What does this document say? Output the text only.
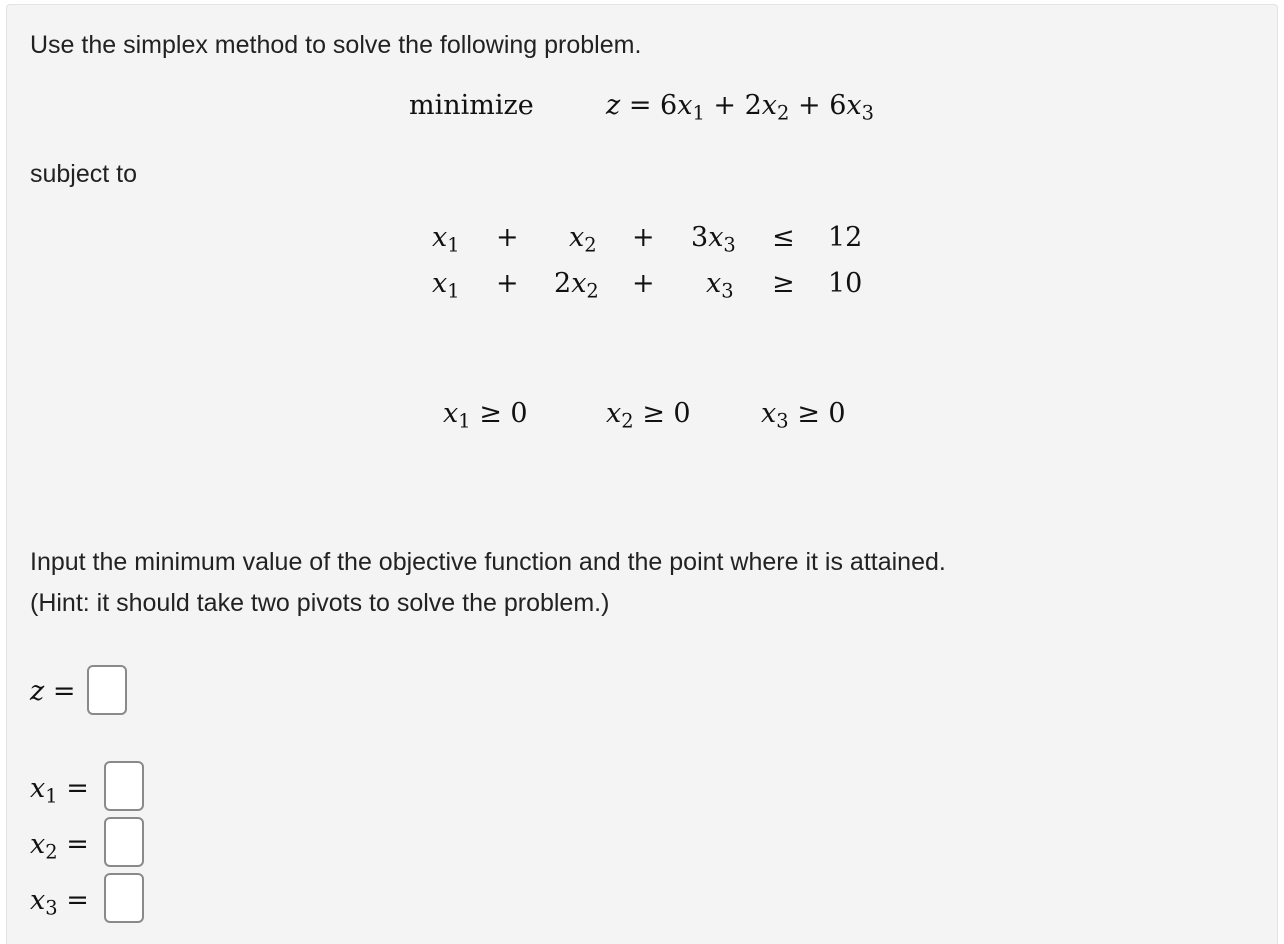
Use the simplex method to solve the following problem.
minimize	$z = 6x_1 + 2x_2 + 6x_3$
subject to
$x_1 + x_2 + 3x_3 \le 12$
$x_1 + 2x_2 + x_3 \ge 10$
$x_1 \ge 0$	$x_2 \ge 0$	$x_3 \ge 0$
Input the minimum value of the objective function and the point where it is attained.
(Hint: it should take two pivots to solve the problem.)
z =
$x_1$ =
$x_2$ =
$x_3$ =
